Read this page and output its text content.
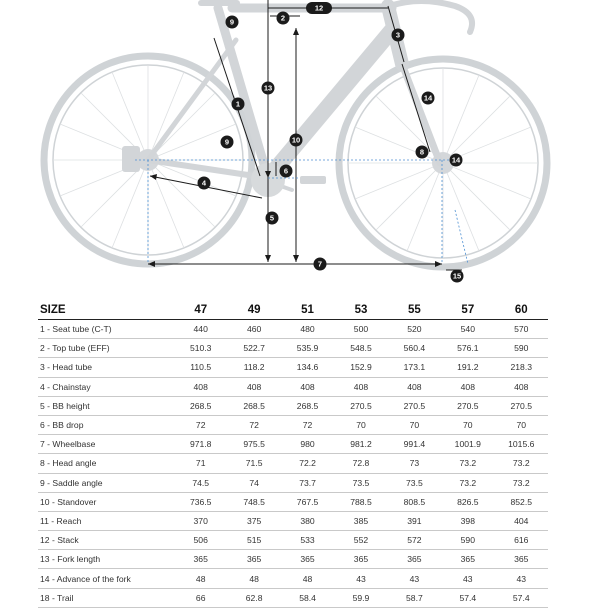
12
2
9
3
13
14
1
10
9
8
14
6
4
5
7
15
SIZE	47	49	51	53	55	57	60
1 - Seat tube (C-T)	440	460	480	500	520	540	570
2 - Top tube (EFF)	510.3	522.7	535.9	548.5	560.4	576.1	590
3 - Head tube	110.5	118.2	134.6	152.9	173.1	191.2	218.3
4 - Chainstay	408	408	408	408	408	408	408
5 - BB height	268.5	268.5	268.5	270.5	270.5	270.5	270.5
6 - BB drop	72	72	72	70	70	70	70
7 - Wheelbase	971.8	975.5	980	981.2	991.4	1001.9	1015.6
8 - Head angle	71	71.5	72.2	72.8	73	73.2	73.2
9 - Saddle angle	74.5	74	73.7	73.5	73.5	73.2	73.2
10 - Standover	736.5	748.5	767.5	788.5	808.5	826.5	852.5
11 - Reach	370	375	380	385	391	398	404
12 - Stack	506	515	533	552	572	590	616
13 - Fork length	365	365	365	365	365	365	365
14 - Advance of the fork	48	48	48	43	43	43	43
18 - Trail	66	62.8	58.4	59.9	58.7	57.4	57.4
